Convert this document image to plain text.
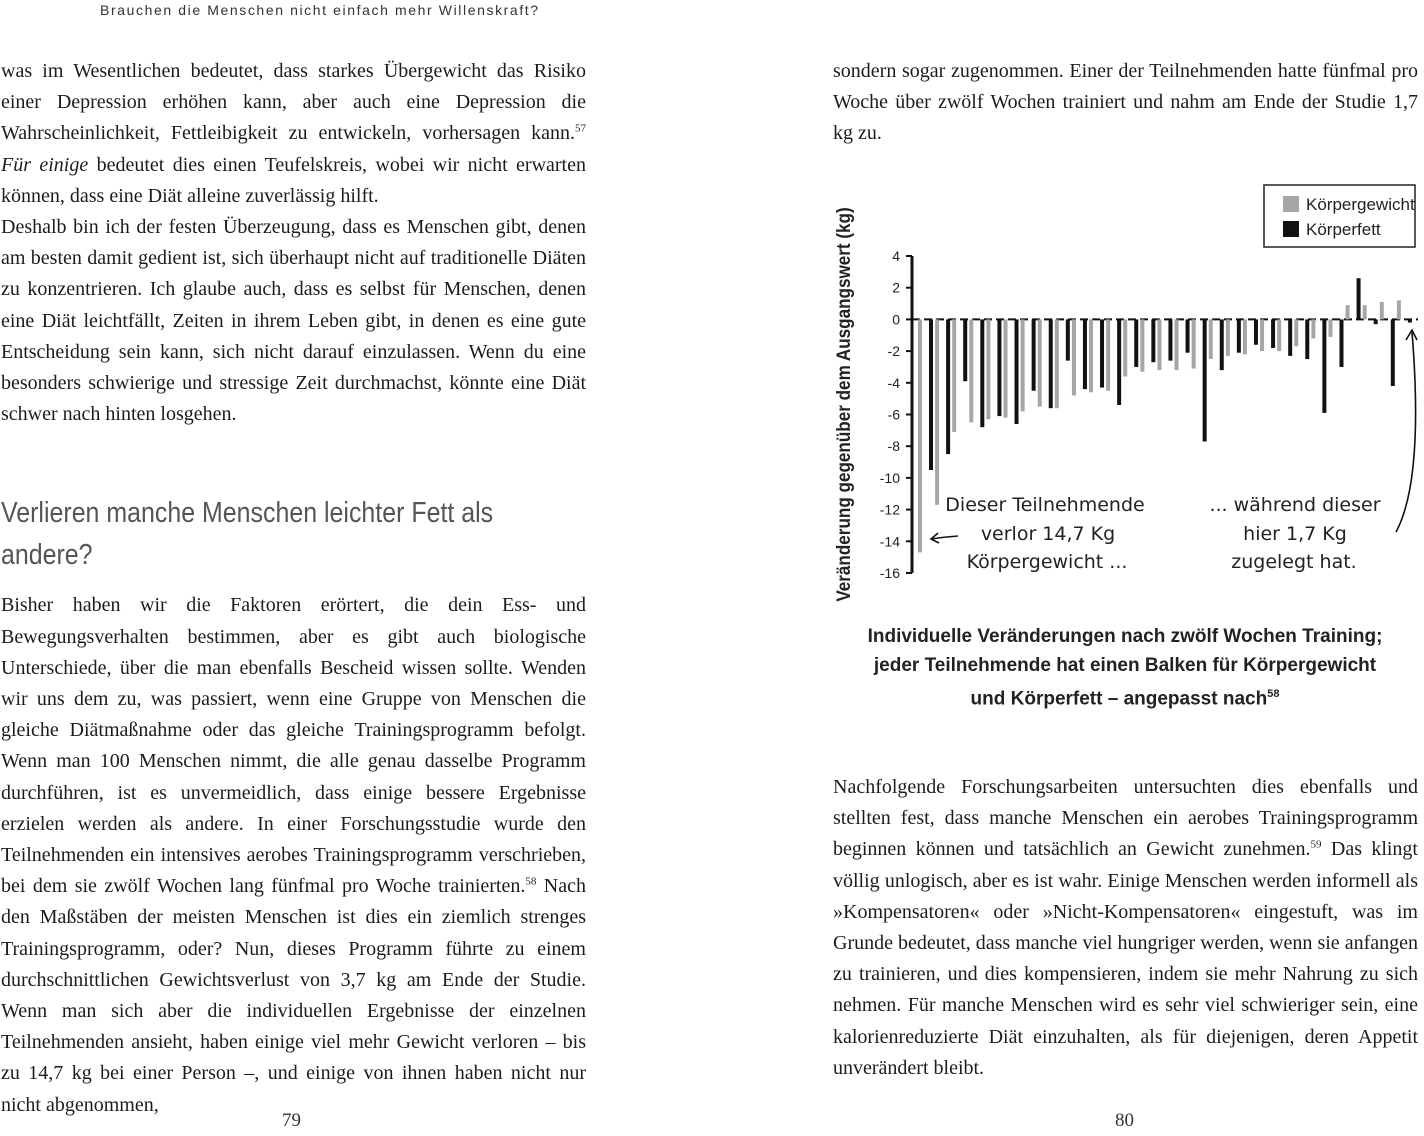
Brauchen die Menschen nicht einfach mehr Willenskraft?

was im Wesentlichen bedeutet, dass starkes Übergewicht das Risiko einer Depression erhöhen kann, aber auch eine Depression die Wahrscheinlichkeit, Fettleibigkeit zu entwickeln, vorhersagen kann.$^{57}$ Für einige bedeutet dies einen Teufelskreis, wobei wir nicht erwarten können, dass eine Diät alleine zuverlässig hilft.

Deshalb bin ich der festen Überzeugung, dass es Menschen gibt, denen am besten damit gedient ist, sich überhaupt nicht auf traditionelle Diäten zu konzentrieren. Ich glaube auch, dass es selbst für Menschen, denen eine Diät leichtfällt, Zeiten in ihrem Leben gibt, in denen es eine gute Entscheidung sein kann, sich nicht darauf einzulassen. Wenn du eine besonders schwierige und stressige Zeit durchmachst, könnte eine Diät schwer nach hinten losgehen.

Verlieren manche Menschen leichter Fett als andere?

Bisher haben wir die Faktoren erörtert, die dein Ess- und Bewegungsverhalten bestimmen, aber es gibt auch biologische Unterschiede, über die man ebenfalls Bescheid wissen sollte. Wenden wir uns dem zu, was passiert, wenn eine Gruppe von Menschen die gleiche Diätmaßnahme oder das gleiche Trainingsprogramm befolgt. Wenn man 100 Menschen nimmt, die alle genau dasselbe Programm durchführen, ist es unvermeidlich, dass einige bessere Ergebnisse erzielen werden als andere. In einer Forschungsstudie wurde den Teilnehmenden ein intensives aerobes Trainingsprogramm verschrieben, bei dem sie zwölf Wochen lang fünfmal pro Woche trainierten.$^{58}$ Nach den Maßstäben der meisten Menschen ist dies ein ziemlich strenges Trainingsprogramm, oder? Nun, dieses Programm führte zu einem durchschnittlichen Gewichtsverlust von 3,7 kg am Ende der Studie. Wenn man sich aber die individuellen Ergebnisse der einzelnen Teilnehmenden ansieht, haben einige viel mehr Gewicht verloren – bis zu 14,7 kg bei einer Person –, und einige von ihnen haben nicht nur nicht abgenommen,

79

sondern sogar zugenommen. Einer der Teilnehmenden hatte fünfmal pro Woche über zwölf Wochen trainiert und nahm am Ende der Studie 1,7 kg zu.

Veränderung gegenüber dem Ausgangswert (kg)	4
2
0
-2
-4
-6
-8
-10
-12
-14
-16
Körpergewicht
Körperfett
Dieser Teilnehmende
verlor 14,7 Kg
Körpergewicht ...
... während dieser
hier 1,7 Kg
zugelegt hat.
Individuelle Veränderungen nach zwölf Wochen Training;
jeder Teilnehmende hat einen Balken für Körpergewicht
und Körperfett – angepasst nach$^{58}$

Nachfolgende Forschungsarbeiten untersuchten dies ebenfalls und stellten fest, dass manche Menschen ein aerobes Trainingsprogramm beginnen können und tatsächlich an Gewicht zunehmen.$^{59}$ Das klingt völlig unlogisch, aber es ist wahr. Einige Menschen werden informell als »Kompensatoren« oder »Nicht-Kompensatoren« eingestuft, was im Grunde bedeutet, dass manche viel hungriger werden, wenn sie anfangen zu trainieren, und dies kompensieren, indem sie mehr Nahrung zu sich nehmen. Für manche Menschen wird es sehr viel schwieriger sein, eine kalorienreduzierte Diät einzuhalten, als für diejenigen, deren Appetit unverändert bleibt.

80
